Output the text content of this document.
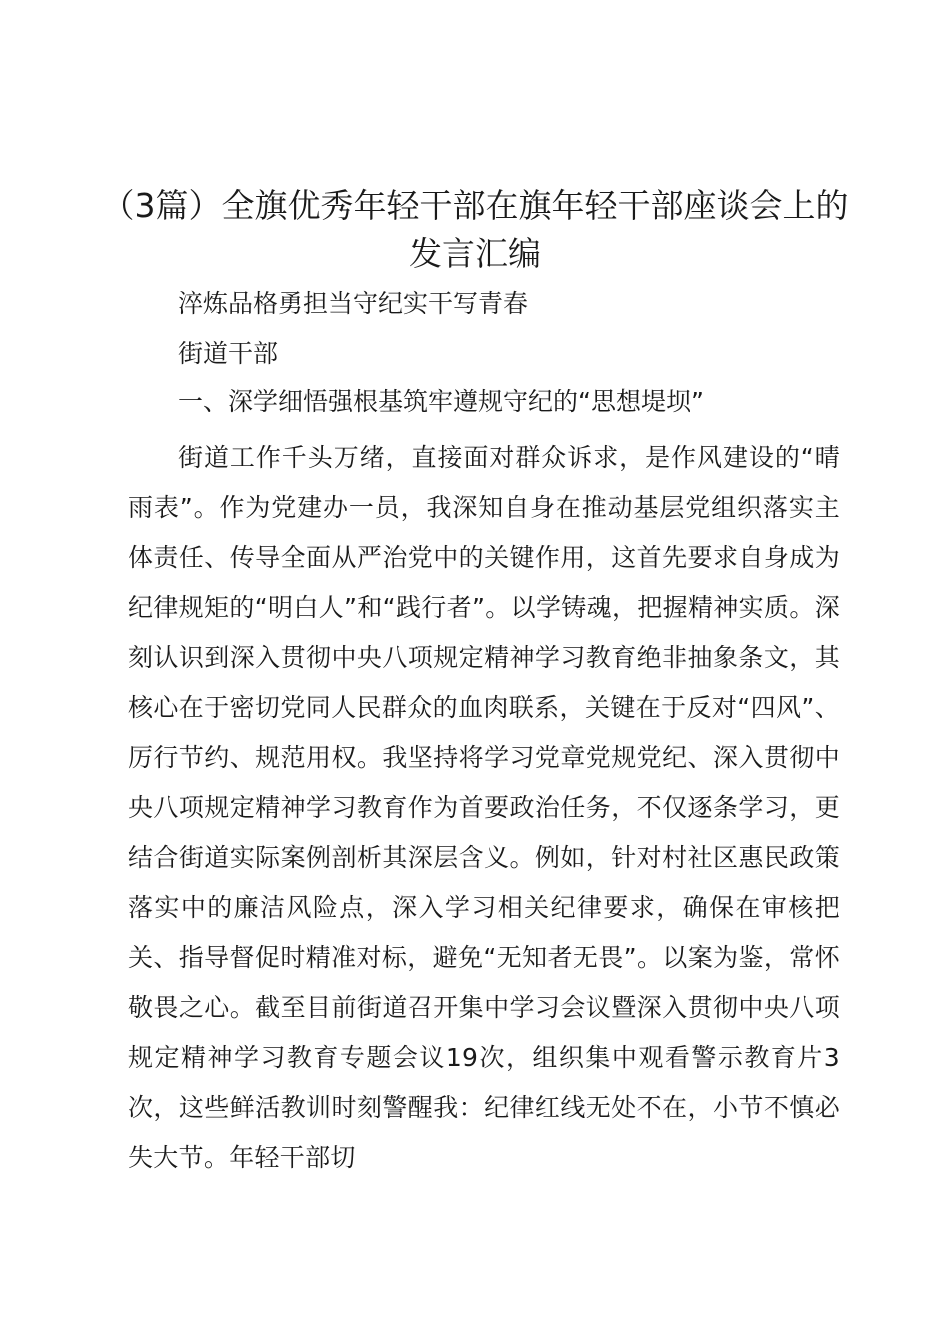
（3篇）全旗优秀年轻干部在旗年轻干部座谈会上的发言汇编
淬炼品格勇担当守纪实干写青春
街道干部
一、深学细悟强根基筑牢遵规守纪的“思想堤坝”

街道工作千头万绪，直接面对群众诉求，是作风建设的“晴雨表”。作为党建办一员，我深知自身在推动基层党组织落实主体责任、传导全面从严治党中的关键作用，这首先要求自身成为纪律规矩的“明白人”和“践行者”。以学铸魂，把握精神实质。深刻认识到深入贯彻中央八项规定精神学习教育绝非抽象条文，其核心在于密切党同人民群众的血肉联系，关键在于反对“四风”、厉行节约、规范用权。我坚持将学习党章党规党纪、深入贯彻中央八项规定精神学习教育作为首要政治任务，不仅逐条学习，更结合街道实际案例剖析其深层含义。例如，针对村社区惠民政策落实中的廉洁风险点，深入学习相关纪律要求，确保在审核把关、指导督促时精准对标，避免“无知者无畏”。以案为鉴，常怀敬畏之心。截至目前街道召开集中学习会议暨深入贯彻中央八项规定精神学习教育专题会议19次，组织集中观看警示教育片3次，这些鲜活教训时刻警醒我：纪律红线无处不在，小节不慎必失大节。年轻干部切
